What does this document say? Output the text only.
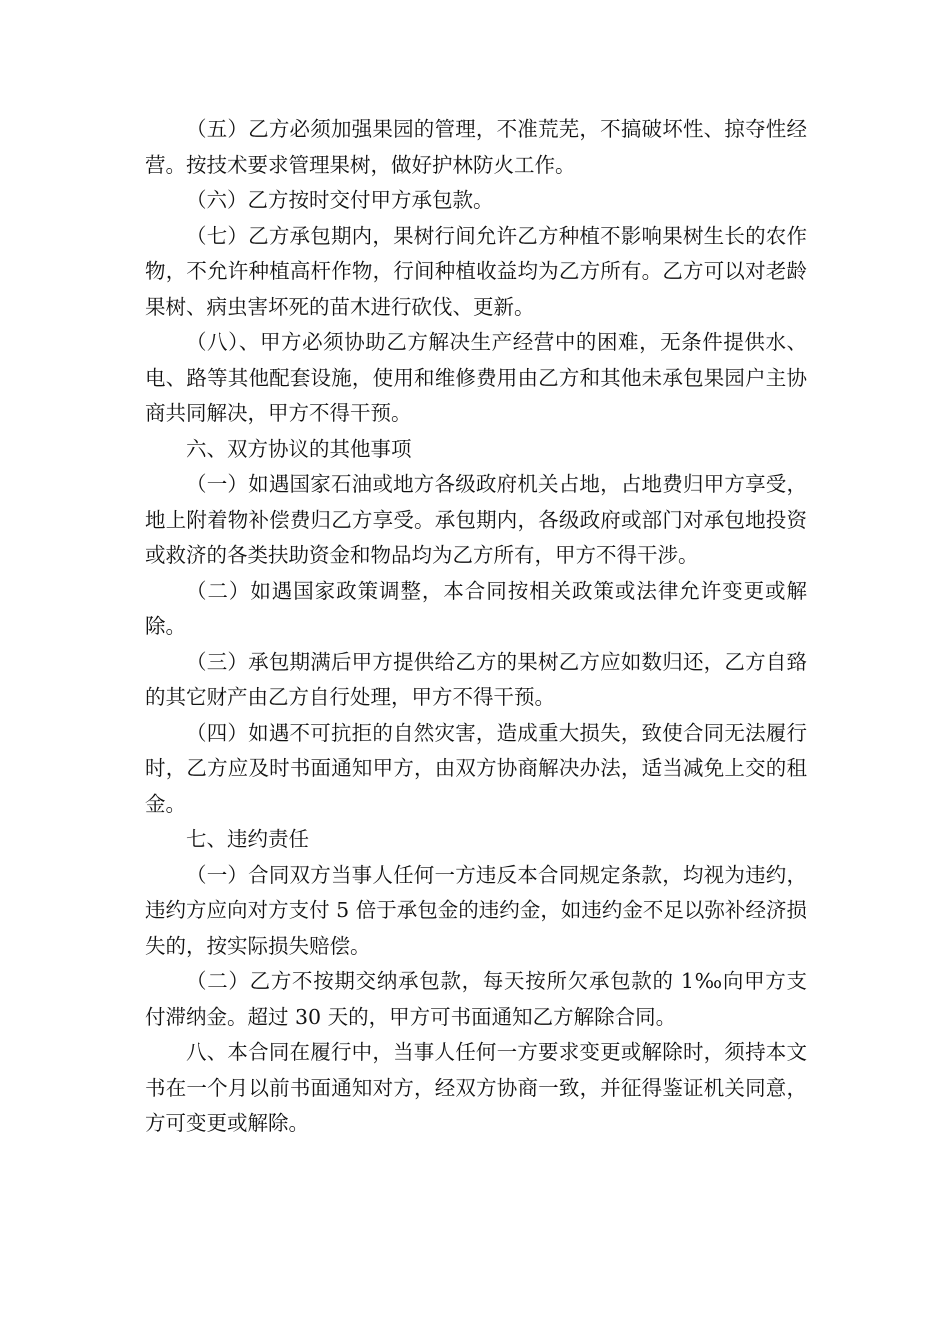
（五）乙方必须加强果园的管理，不准荒芜，不搞破坏性、掠夺性经营。按技术要求管理果树，做好护林防火工作。

（六）乙方按时交付甲方承包款。

（七）乙方承包期内，果树行间允许乙方种植不影响果树生长的农作物，不允许种植高杆作物，行间种植收益均为乙方所有。乙方可以对老龄果树、病虫害坏死的苗木进行砍伐、更新。

（八）、甲方必须协助乙方解决生产经营中的困难，无条件提供水、电、路等其他配套设施，使用和维修费用由乙方和其他未承包果园户主协商共同解决，甲方不得干预。

六、双方协议的其他事项

（一）如遇国家石油或地方各级政府机关占地，占地费归甲方享受，地上附着物补偿费归乙方享受。承包期内，各级政府或部门对承包地投资或救济的各类扶助资金和物品均为乙方所有，甲方不得干涉。

（二）如遇国家政策调整，本合同按相关政策或法律允许变更或解除。

（三）承包期满后甲方提供给乙方的果树乙方应如数归还，乙方自臵的其它财产由乙方自行处理，甲方不得干预。

（四）如遇不可抗拒的自然灾害，造成重大损失，致使合同无法履行时，乙方应及时书面通知甲方，由双方协商解决办法，适当减免上交的租金。

七、违约责任

（一）合同双方当事人任何一方违反本合同规定条款，均视为违约，违约方应向对方支付 5 倍于承包金的违约金，如违约金不足以弥补经济损失的，按实际损失赔偿。

（二）乙方不按期交纳承包款，每天按所欠承包款的 1‰向甲方支付滞纳金。超过 30 天的，甲方可书面通知乙方解除合同。

八、本合同在履行中，当事人任何一方要求变更或解除时，须持本文书在一个月以前书面通知对方，经双方协商一致，并征得鉴证机关同意，方可变更或解除。
